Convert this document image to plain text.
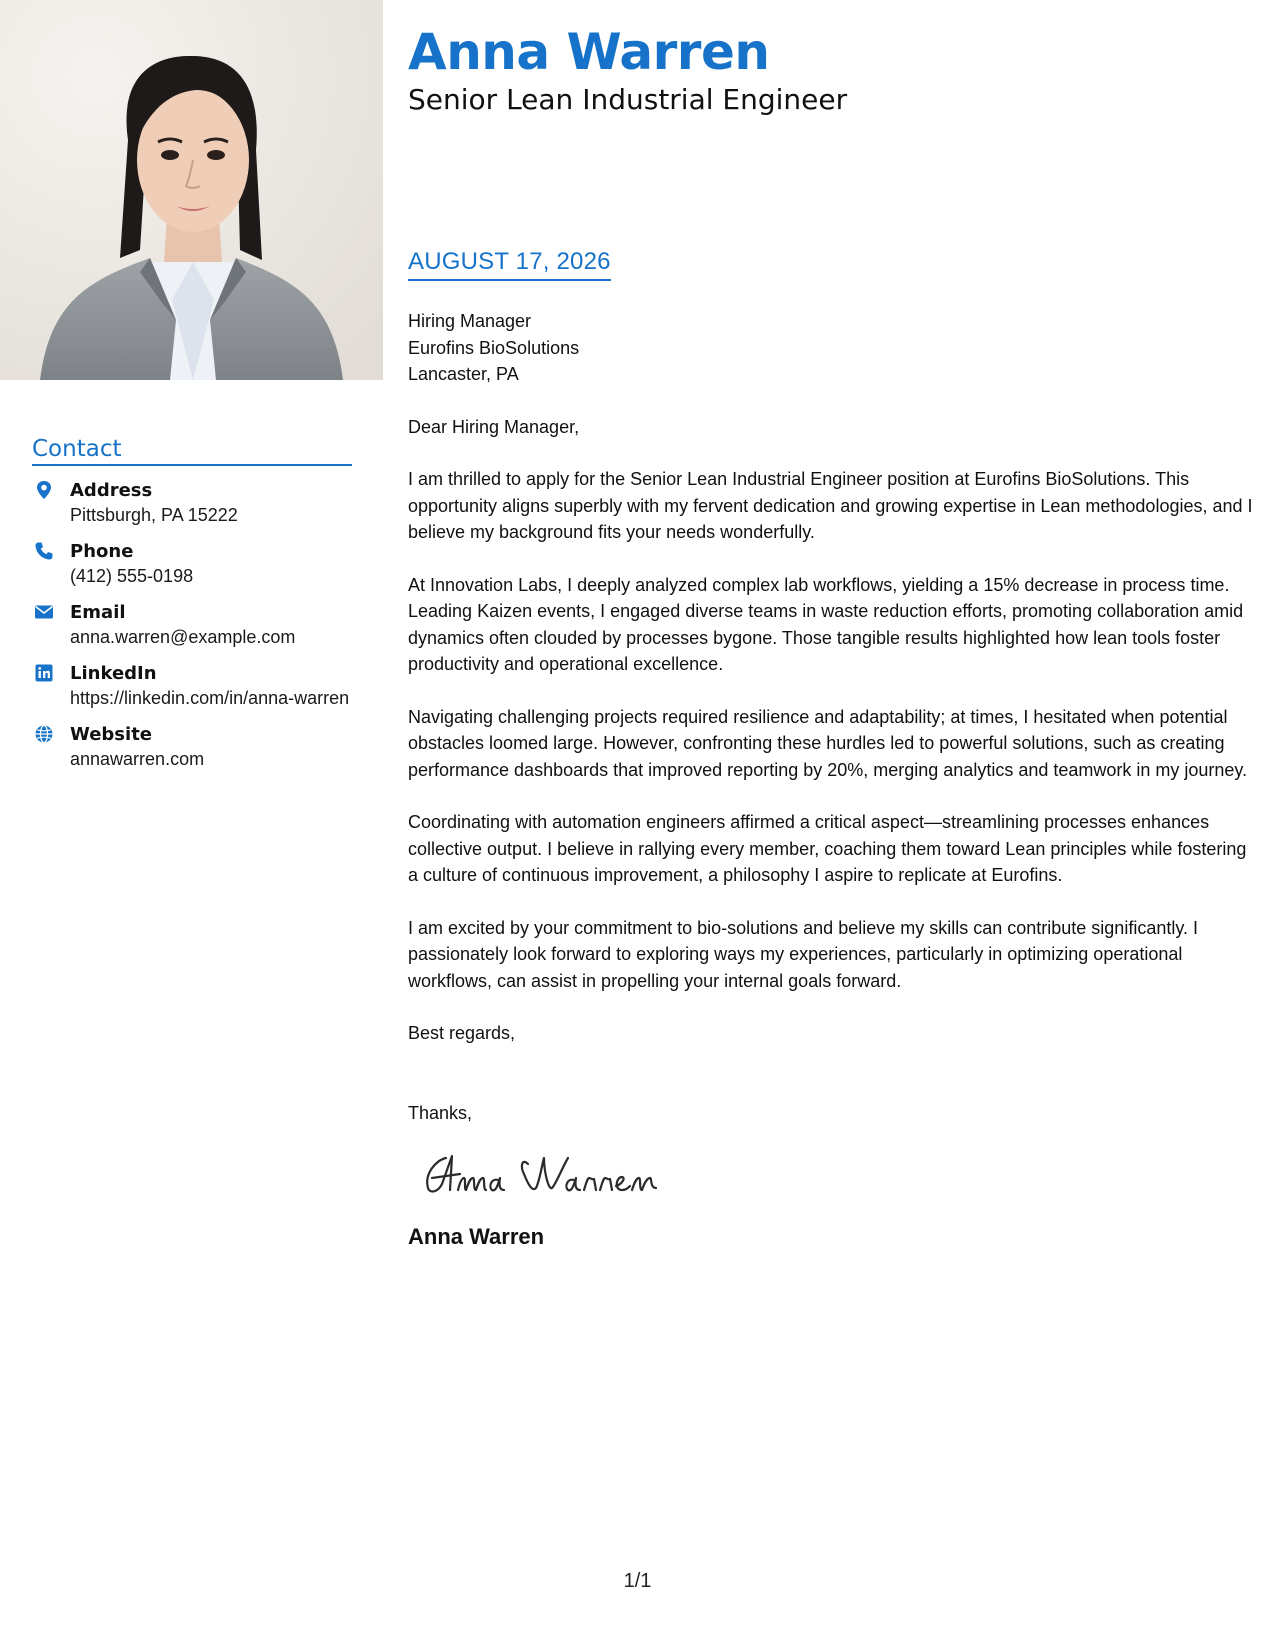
Contact
Address
Pittsburgh, PA 15222
Phone
(412) 555-0198
Email
anna.warren@example.com
LinkedIn
https://linkedin.com/in/anna-warren
Website
annawarren.com
Anna Warren
Senior Lean Industrial Engineer
AUGUST 17, 2026

Hiring Manager
Eurofins BioSolutions
Lancaster, PA

Dear Hiring Manager,

I am thrilled to apply for the Senior Lean Industrial Engineer position at Eurofins BioSolutions. This opportunity aligns superbly with my fervent dedication and growing expertise in Lean methodologies, and I believe my background fits your needs wonderfully.

At Innovation Labs, I deeply analyzed complex lab workflows, yielding a 15% decrease in process time. Leading Kaizen events, I engaged diverse teams in waste reduction efforts, promoting collaboration amid dynamics often clouded by processes bygone. Those tangible results highlighted how lean tools foster productivity and operational excellence.

Navigating challenging projects required resilience and adaptability; at times, I hesitated when potential obstacles loomed large. However, confronting these hurdles led to powerful solutions, such as creating performance dashboards that improved reporting by 20%, merging analytics and teamwork in my journey.

Coordinating with automation engineers affirmed a critical aspect—streamlining processes enhances collective output. I believe in rallying every member, coaching them toward Lean principles while fostering a culture of continuous improvement, a philosophy I aspire to replicate at Eurofins.

I am excited by your commitment to bio-solutions and believe my skills can contribute significantly. I passionately look forward to exploring ways my experiences, particularly in optimizing operational workflows, can assist in propelling your internal goals forward.

Best regards,

Thanks,

Anna Warren

1/1
